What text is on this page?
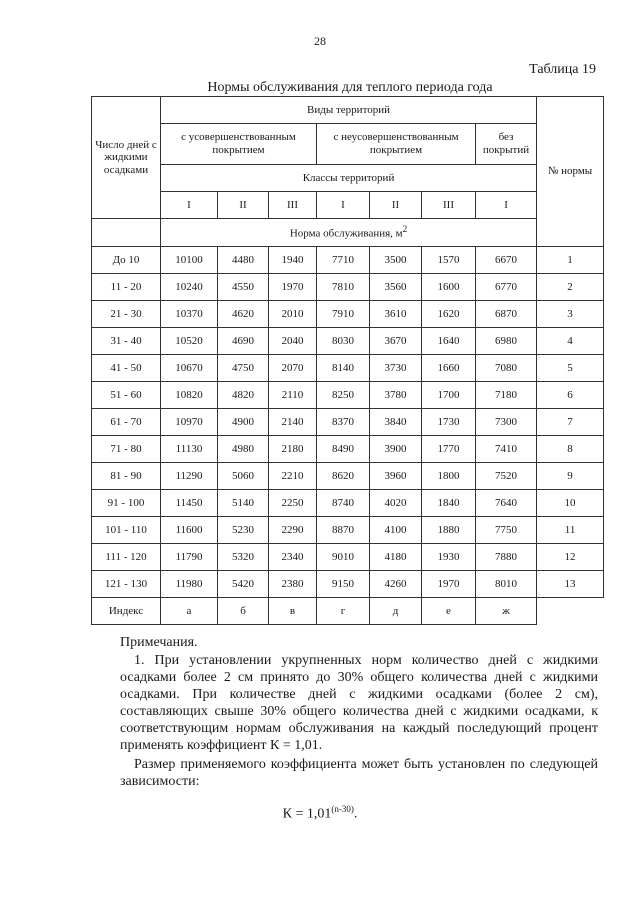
28
Таблица 19
Нормы обслуживания для теплого периода года
Число дней с жидкими осадками	Виды территорий							№ нормы
	с усовершенствованным покрытием			с неусовершенствованным покрытием			без покрытий	
	Классы территорий							
	I	II	III	I	II	III	I	
	Норма обслуживания, $м^2$
До 10	10100	4480	1940	7710	3500	1570	6670	1
11 - 20	10240	4550	1970	7810	3560	1600	6770	2
21 - 30	10370	4620	2010	7910	3610	1620	6870	3
31 - 40	10520	4690	2040	8030	3670	1640	6980	4
41 - 50	10670	4750	2070	8140	3730	1660	7080	5
51 - 60	10820	4820	2110	8250	3780	1700	7180	6
61 - 70	10970	4900	2140	8370	3840	1730	7300	7
71 - 80	11130	4980	2180	8490	3900	1770	7410	8
81 - 90	11290	5060	2210	8620	3960	1800	7520	9
91 - 100	11450	5140	2250	8740	4020	1840	7640	10
101 - 110	11600	5230	2290	8870	4100	1880	7750	11
111 - 120	11790	5320	2340	9010	4180	1930	7880	12
121 - 130	11980	5420	2380	9150	4260	1970	8010	13
Индекс	а	б	в	г	д	е	ж	
Примечания.
1. При установлении укрупненных норм количество дней с жидкими осадками более 2 см принято до 30% общего количества дней с жидкими осадками. При количестве дней с жидкими осадками (более 2 см), составляющих свыше 30% общего количества дней с жидкими осадками, к соответствующим нормам обслуживания на каждый последующий процент применять коэффициент К = 1,01.
Размер применяемого коэффициента может быть установлен по следующей зависимости:
$К = 1,01^{(n-30)}$.
